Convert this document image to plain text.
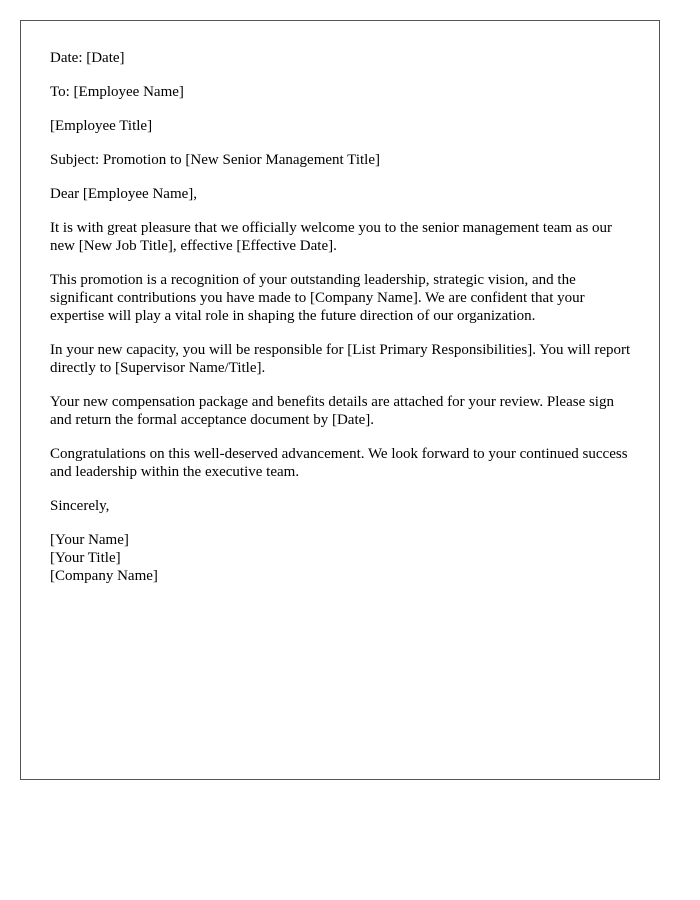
Date: [Date]

To: [Employee Name]

[Employee Title]

Subject: Promotion to [New Senior Management Title]

Dear [Employee Name],

It is with great pleasure that we officially welcome you to the senior management team as our new [New Job Title], effective [Effective Date].

This promotion is a recognition of your outstanding leadership, strategic vision, and the significant contributions you have made to [Company Name]. We are confident that your expertise will play a vital role in shaping the future direction of our organization.

In your new capacity, you will be responsible for [List Primary Responsibilities]. You will report directly to [Supervisor Name/Title].

Your new compensation package and benefits details are attached for your review. Please sign and return the formal acceptance document by [Date].

Congratulations on this well-deserved advancement. We look forward to your continued success and leadership within the executive team.

Sincerely,

[Your Name]
[Your Title]
[Company Name]
